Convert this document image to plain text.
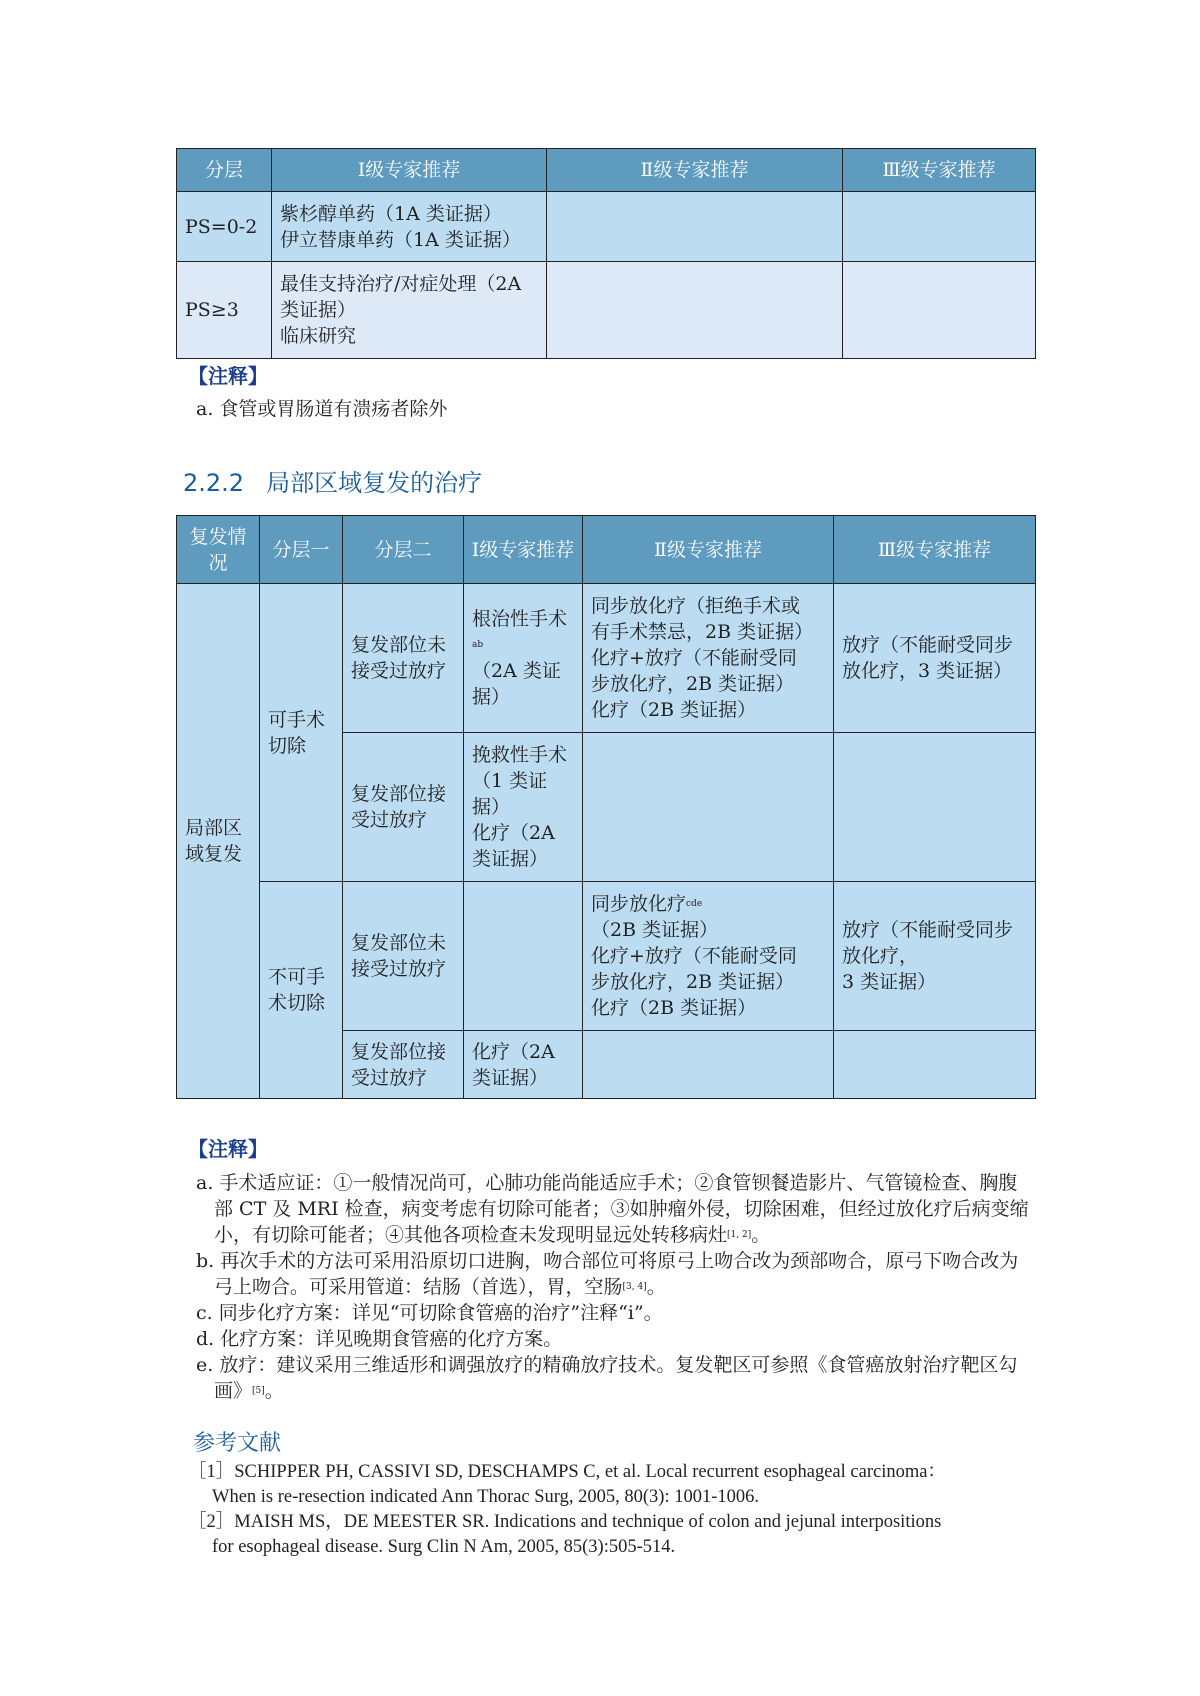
分层	Ⅰ级专家推荐	Ⅱ级专家推荐	Ⅲ级专家推荐
PS=0-2	紫杉醇单药（1A 类证据）
伊立替康单药（1A 类证据）		

PS≥3	最佳支持治疗/对症处理（2A
类证据）
临床研究		

【注释】
a. 食管或胃肠道有溃疡者除外
2.2.2 局部区域复发的治疗
复发情况	分层一	分层二	Ⅰ级专家推荐	Ⅱ级专家推荐	Ⅲ级专家推荐
局部区域复发	可手术切除	复发部位未接受过放疗	根治性手术$^{ab}$
（2A 类证据）	同步放化疗（拒绝手术或
有手术禁忌，2B 类证据）
化疗+放疗（不能耐受同
步放化疗，2B 类证据）
化疗（2B 类证据）	放疗（不能耐受同步
放化疗，3 类证据）

		复发部位接受过放疗	挽救性手术
（1 类证
据）
化疗（2A
类证据）		

	不可手术切除	复发部位未接受过放疗		同步放化疗$^{cde}$
（2B 类证据）
化疗+放疗（不能耐受同
步放化疗，2B 类证据）
化疗（2B 类证据）	放疗（不能耐受同步
放化疗，
3 类证据）

		复发部位接受过放疗	化疗（2A
类证据）		

【注释】
a. 手术适应证：①一般情况尚可，心肺功能尚能适应手术；②食管钡餐造影片、气管镜检查、胸腹部 CT 及 MRI 检查，病变考虑有切除可能者；③如肿瘤外侵，切除困难，但经过放化疗后病变缩小，有切除可能者；④其他各项检查未发现明显远处转移病灶[1, 2]。
b. 再次手术的方法可采用沿原切口进胸，吻合部位可将原弓上吻合改为颈部吻合，原弓下吻合改为弓上吻合。可采用管道：结肠（首选），胃，空肠[3, 4]。
c. 同步化疗方案：详见“可切除食管癌的治疗”注释“i”。
d. 化疗方案：详见晚期食管癌的化疗方案。
e. 放疗：建议采用三维适形和调强放疗的精确放疗技术。复发靶区可参照《食管癌放射治疗靶区勾画》[5]。
参考文献
［1］SCHIPPER PH, CASSIVI SD, DESCHAMPS C, et al. Local recurrent esophageal carcinoma：
When is re-resection indicated Ann Thorac Surg, 2005, 80(3): 1001-1006.
［2］MAISH MS，DE MEESTER SR. Indications and technique of colon and jejunal interpositions
for esophageal disease. Surg Clin N Am, 2005, 85(3):505-514.
